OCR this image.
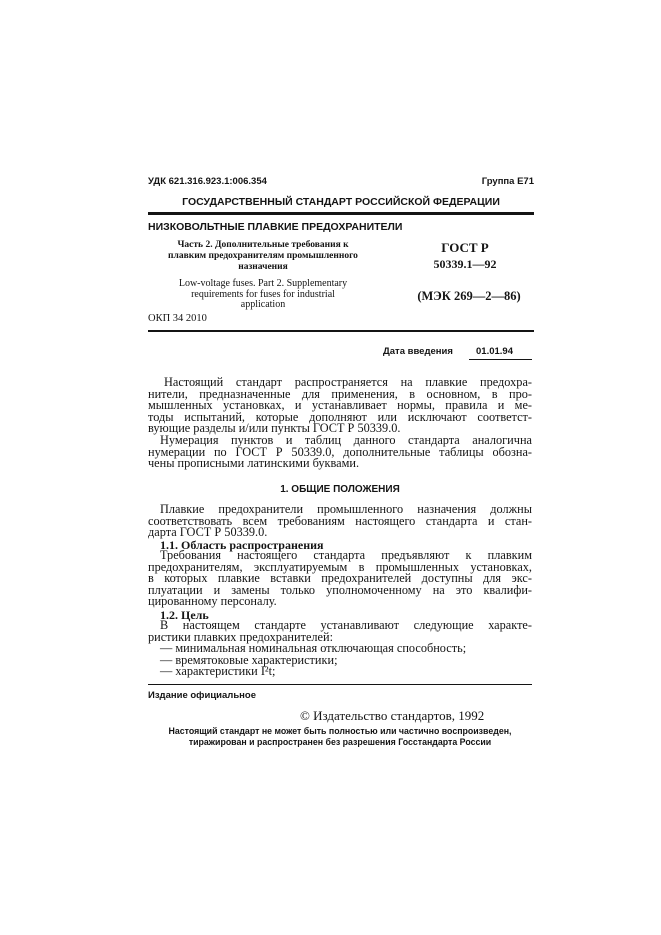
УДК 621.316.923.1:006.354	Группа Е71
ГОСУДАРСТВЕННЫЙ СТАНДАРТ РОССИЙСКОЙ ФЕДЕРАЦИИ
НИЗКОВОЛЬТНЫЕ ПЛАВКИЕ ПРЕДОХРАНИТЕЛИ
Часть 2. Дополнительные требования к
плавким предохранителям промышленного
назначения
Low-voltage fuses. Part 2. Supplementary
requirements for fuses for industrial
application
ГОСТ Р
50339.1—92
(МЭК 269—2—86)
ОКП 34 2010
Дата введения 01.01.94
Настоящий стандарт распространяется на плавкие предохра-
нители, предназначенные для применения, в основном, в про-
мышленных установках, и устанавливает нормы, правила и ме-
тоды испытаний, которые дополняют или исключают соответст-
вующие разделы и/или пункты ГОСТ Р 50339.0.
Нумерация пунктов и таблиц данного стандарта аналогична
нумерации по ГОСТ Р 50339.0, дополнительные таблицы обозна-
чены прописными латинскими буквами.
1. ОБЩИЕ ПОЛОЖЕНИЯ
Плавкие предохранители промышленного назначения должны
соответствовать всем требованиям настоящего стандарта и стан-
дарта ГОСТ Р 50339.0.
1.1. Область распространения
Требования настоящего стандарта предъявляют к плавким
предохранителям, эксплуатируемым в промышленных установках,
в которых плавкие вставки предохранителей доступны для экс-
плуатации и замены только уполномоченному на это квалифи-
цированному персоналу.
1.2. Цель
В настоящем стандарте устанавливают следующие характе-
ристики плавких предохранителей:
— минимальная номинальная отключающая способность;
— времятоковые характеристики;
— характеристики I²t;
Издание официальное
© Издательство стандартов, 1992
Настоящий стандарт не может быть полностью или частично воспроизведен,
тиражирован и распространен без разрешения Госстандарта России
